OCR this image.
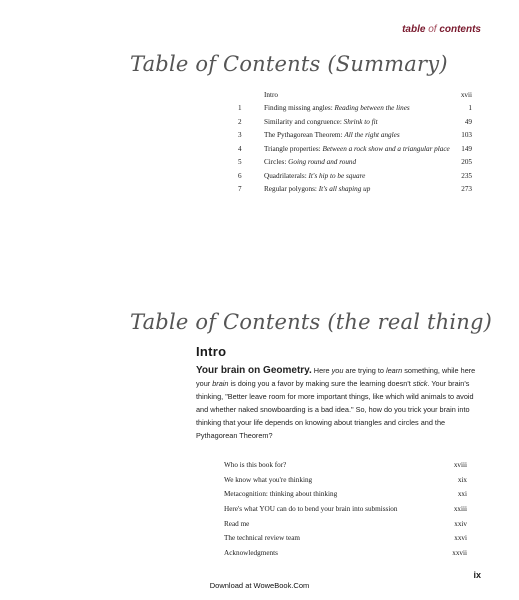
table of contents
Table of Contents (Summary)
	Intro	xvii
1	Finding missing angles: Reading between the lines	1
2	Similarity and congruence: Shrink to fit	49
3	The Pythagorean Theorem: All the right angles	103
4	Triangle properties: Between a rock show and a triangular place	149
5	Circles: Going round and round	205
6	Quadrilaterals: It's hip to be square	235
7	Regular polygons: It's all shaping up	273
Table of Contents (the real thing)
Intro
Your brain on Geometry. Here you are trying to learn something, while here your brain is doing you a favor by making sure the learning doesn't stick. Your brain's thinking, "Better leave room for more important things, like which wild animals to avoid and whether naked snowboarding is a bad idea." So, how do you trick your brain into thinking that your life depends on knowing about triangles and circles and the Pythagorean Theorem?
Who is this book for?	xviii
We know what you're thinking	xix
Metacognition: thinking about thinking	xxi
Here's what YOU can do to bend your brain into submission	xxiii
Read me	xxiv
The technical review team	xxvi
Acknowledgments	xxvii
ix
Download at WoweBook.Com
